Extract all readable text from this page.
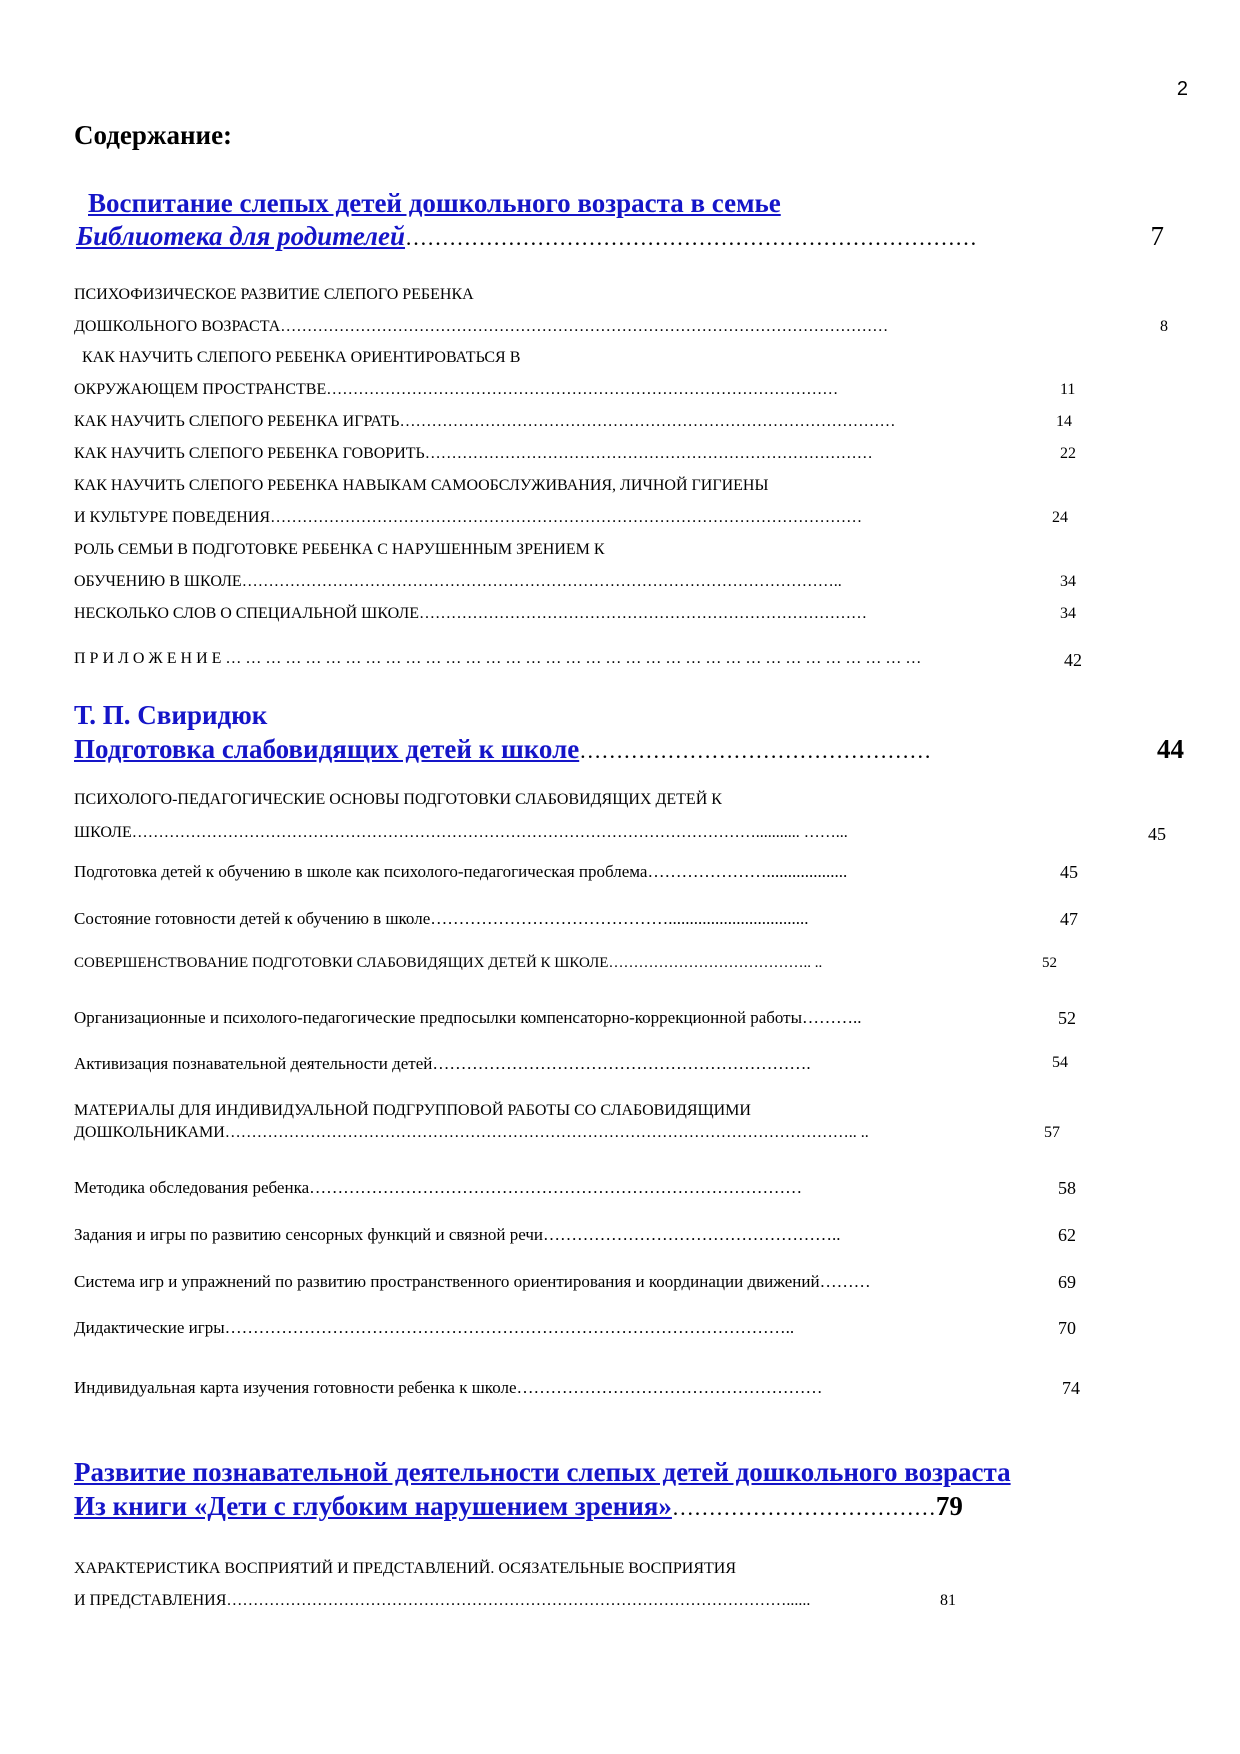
2
Содержание:
Воспитание слепых детей дошкольного возраста в семье
Библиотека для родителей……………………………………………………………………	7
ПСИХОФИЗИЧЕСКОЕ РАЗВИТИЕ СЛЕПОГО РЕБЕНКА
ДОШКОЛЬНОГО ВОЗРАСТА……………………………………………………………………………………………………	8
КАК НАУЧИТЬ СЛЕПОГО РЕБЕНКА ОРИЕНТИРОВАТЬСЯ В
ОКРУЖАЮЩЕМ ПРОСТРАНСТВЕ……………………………………………………………………………………	11
КАК НАУЧИТЬ СЛЕПОГО РЕБЕНКА ИГРАТЬ…………………………………………………………………………………	14
КАК НАУЧИТЬ СЛЕПОГО РЕБЕНКА ГОВОРИТЬ…………………………………………………………………………	22
КАК НАУЧИТЬ СЛЕПОГО РЕБЕНКА НАВЫКАМ САМООБСЛУЖИВАНИЯ, ЛИЧНОЙ ГИГИЕНЫ
И КУЛЬТУРЕ ПОВЕДЕНИЯ…………………………………………………………………………………………………	24
РОЛЬ СЕМЬИ В ПОДГОТОВКЕ РЕБЕНКА С НАРУШЕННЫМ ЗРЕНИЕМ К
ОБУЧЕНИЮ В ШКОЛЕ…………………………………………………………………………………………………..	34
НЕСКОЛЬКО СЛОВ О СПЕЦИАЛЬНОЙ ШКОЛЕ…………………………………………………………………………	34
П Р И Л О Ж Е Н И Е … … … … … … … … … … … … … … … … … … … … … … … … … … … … … … … … … … …	42
Т. П. Свиридюк
Подготовка слабовидящих детей к школе…………………………………………	44
ПСИХОЛОГО-ПЕДАГОГИЧЕСКИЕ ОСНОВЫ ПОДГОТОВКИ СЛАБОВИДЯЩИХ ДЕТЕЙ К
ШКОЛЕ………………………………………………………………………………………………………........... ……...	45
Подготовка детей к обучению в школе как психолого-педагогическая проблема…………………...................	45
Состояние готовности детей к обучению в школе…………………………………….................................	47
СОВЕРШЕНСТВОВАНИЕ ПОДГОТОВКИ СЛАБОВИДЯЩИХ ДЕТЕЙ К ШКОЛЕ………………………………….. ..	52
Организационные и психолого-педагогические предпосылки компенсаторно-коррекционной работы………..	52
Активизация познавательной деятельности детей………………………………………………………….	54
МАТЕРИАЛЫ ДЛЯ ИНДИВИДУАЛЬНОЙ ПОДГРУППОВОЙ РАБОТЫ СО СЛАБОВИДЯЩИМИ
ДОШКОЛЬНИКАМИ……………………………………………………………………………………………………….. ..	57
Методика обследования ребенка……………………………………………………………………………	58
Задания и игры по развитию сенсорных функций и связной речи……………………………………………..	62
Система игр и упражнений по развитию пространственного ориентирования и координации движений………	69
Дидактические игры………………………………………………………………………………………..	70
Индивидуальная карта изучения готовности ребенка к школе………………………………………………	74
Развитие познавательной деятельности слепых детей дошкольного возраста
Из книги «Дети с глубоким нарушением зрения»………………………………79
ХАРАКТЕРИСТИКА ВОСПРИЯТИЙ И ПРЕДСТАВЛЕНИЙ. ОСЯЗАТЕЛЬНЫЕ ВОСПРИЯТИЯ
И ПРЕДСТАВЛЕНИЯ……………………………………………………………………………………………......	81
